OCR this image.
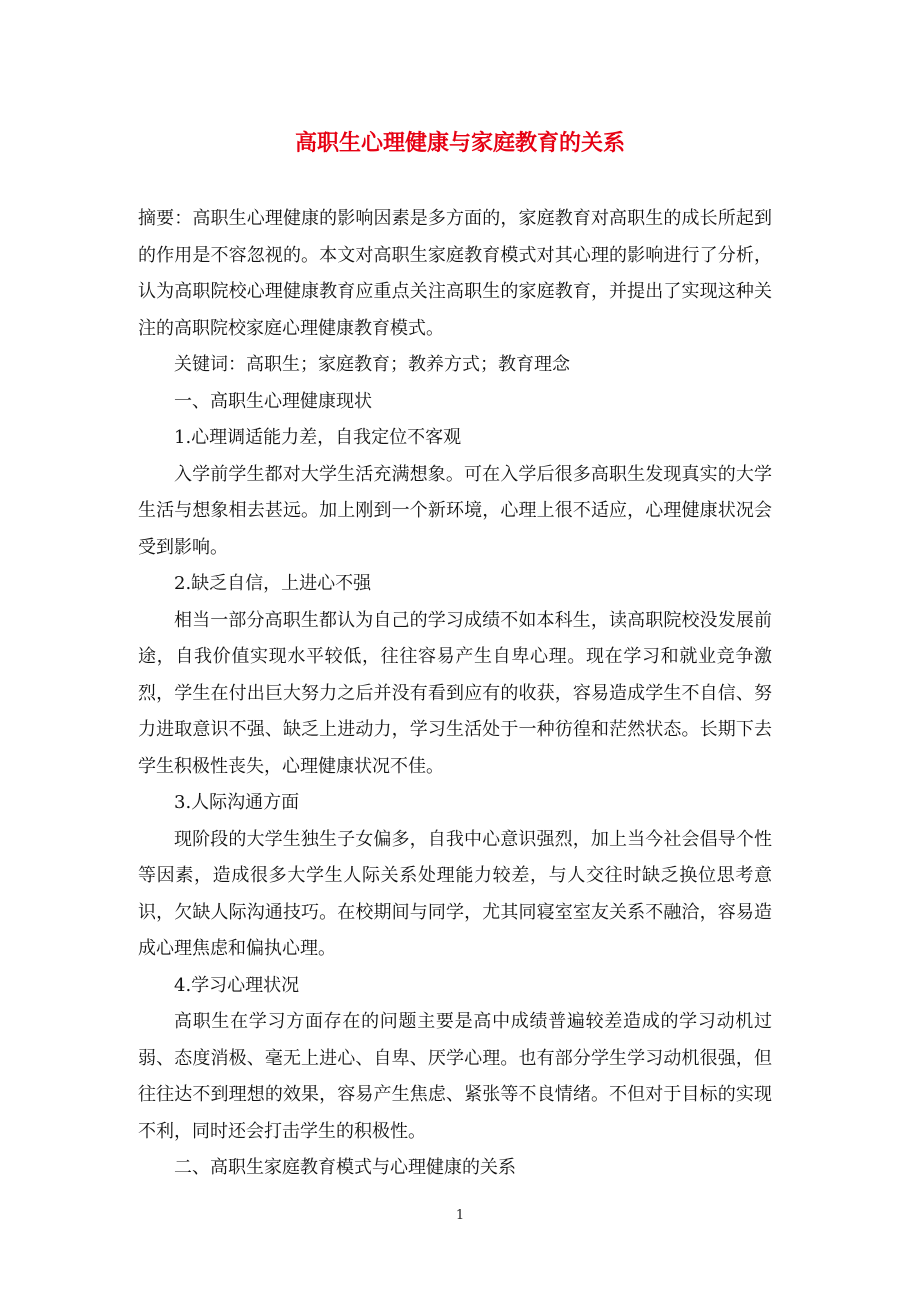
高职生心理健康与家庭教育的关系

摘要：高职生心理健康的影响因素是多方面的，家庭教育对高职生的成长所起到的作用是不容忽视的。本文对高职生家庭教育模式对其心理的影响进行了分析，认为高职院校心理健康教育应重点关注高职生的家庭教育，并提出了实现这种关注的高职院校家庭心理健康教育模式。

关键词：高职生；家庭教育；教养方式；教育理念

一、高职生心理健康现状

1.心理调适能力差，自我定位不客观

入学前学生都对大学生活充满想象。可在入学后很多高职生发现真实的大学生活与想象相去甚远。加上刚到一个新环境，心理上很不适应，心理健康状况会受到影响。

2.缺乏自信，上进心不强

相当一部分高职生都认为自己的学习成绩不如本科生，读高职院校没发展前途，自我价值实现水平较低，往往容易产生自卑心理。现在学习和就业竞争激烈，学生在付出巨大努力之后并没有看到应有的收获，容易造成学生不自信、努力进取意识不强、缺乏上进动力，学习生活处于一种彷徨和茫然状态。长期下去学生积极性丧失，心理健康状况不佳。

3.人际沟通方面

现阶段的大学生独生子女偏多，自我中心意识强烈，加上当今社会倡导个性等因素，造成很多大学生人际关系处理能力较差，与人交往时缺乏换位思考意识，欠缺人际沟通技巧。在校期间与同学，尤其同寝室室友关系不融洽，容易造成心理焦虑和偏执心理。

4.学习心理状况

高职生在学习方面存在的问题主要是高中成绩普遍较差造成的学习动机过弱、态度消极、毫无上进心、自卑、厌学心理。也有部分学生学习动机很强，但往往达不到理想的效果，容易产生焦虑、紧张等不良情绪。不但对于目标的实现不利，同时还会打击学生的积极性。

二、高职生家庭教育模式与心理健康的关系

1
